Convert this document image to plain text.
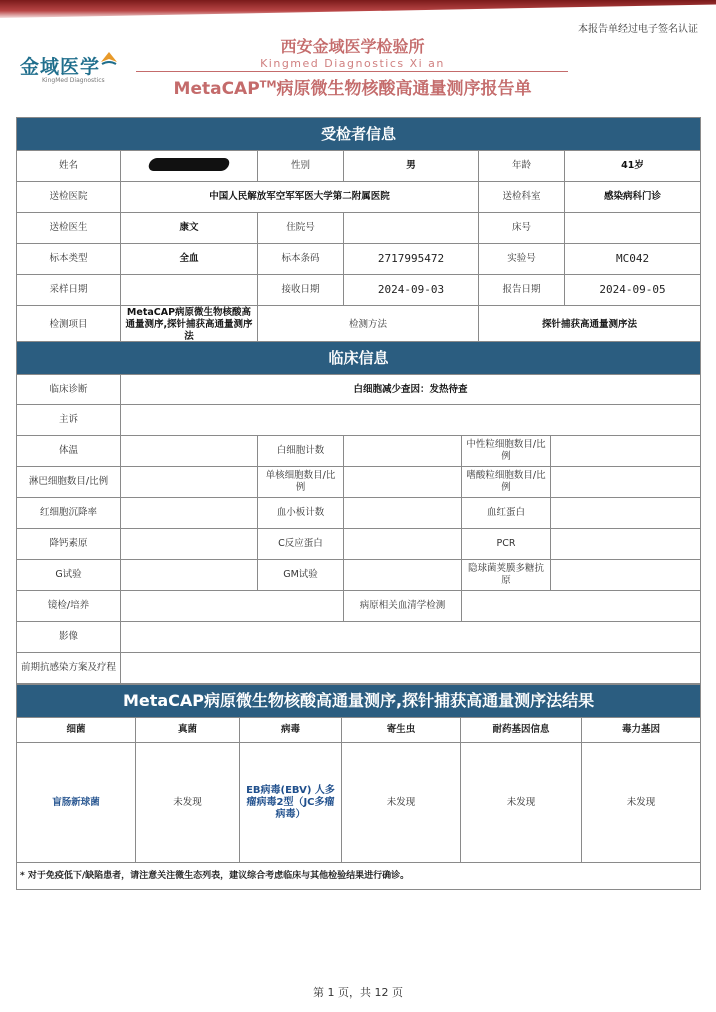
本报告单经过电子签名认证
金域医学
KingMed Diagnostics
西安金域医学检验所
Kingmed Diagnostics Xi an
MetaCAP™病原微生物核酸高通量测序报告单
受检者信息					
姓名		性别	男	年龄	41岁
送检医院	中国人民解放军空军军医大学第二附属医院			送检科室	感染病科门诊
送检医生	康文	住院号		床号	
标本类型	全血	标本条码	2717995472	实验号	MC042
采样日期		接收日期	2024-09-03	报告日期	2024-09-05
检测项目	MetaCAP病原微生物核酸高通量测序,探针捕获高通量测序法	检测方法		探针捕获高通量测序法	
临床信息					
临床诊断	白细胞减少查因：发热待查				
主诉					
体温		白细胞计数		中性粒细胞数目/比例	
淋巴细胞数目/比例		单核细胞数目/比例		嗜酸粒细胞数目/比例	
红细胞沉降率		血小板计数		血红蛋白	
降钙素原		C反应蛋白		PCR	
G试验		GM试验		隐球菌荚膜多糖抗原	
镜检/培养			病原相关血清学检测		
影像					
前期抗感染方案及疗程					
MetaCAP病原微生物核酸高通量测序,探针捕获高通量测序法结果					
细菌	真菌	病毒	寄生虫	耐药基因信息	毒力基因
盲肠新球菌	未发现	EB病毒(EBV) 人多瘤病毒2型（JC多瘤病毒）	未发现	未发现	未发现
* 对于免疫低下/缺陷患者，请注意关注微生态列表，建议综合考虑临床与其他检验结果进行确诊。					
第 1 页，共 12 页
